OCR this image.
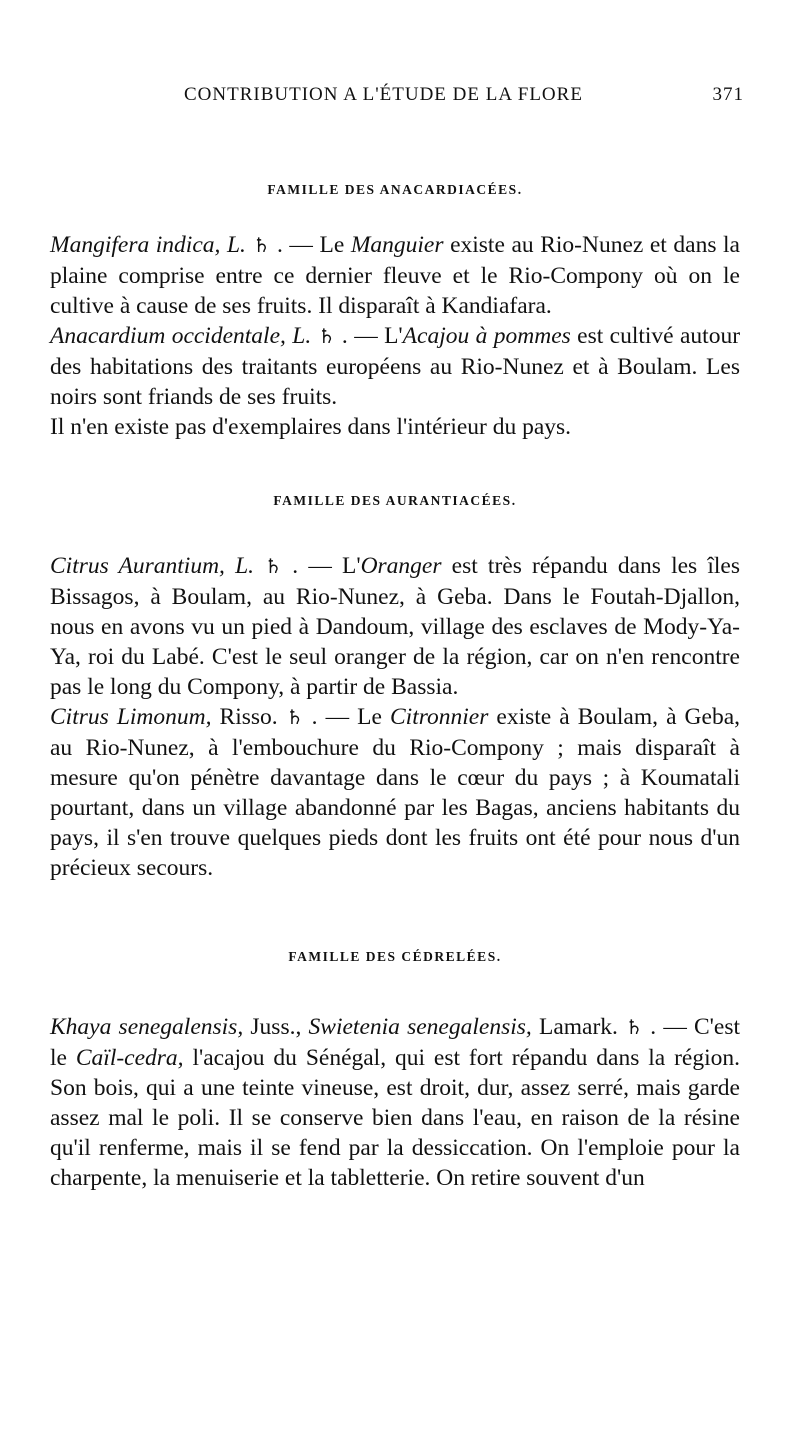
CONTRIBUTION A L'ÉTUDE DE LA FLORE	371
FAMILLE DES ANACARDIACÉES.

Mangifera indica, L. ♄ . — Le Manguier existe au Rio-Nunez et dans la plaine comprise entre ce dernier fleuve et le Rio-Compony où on le cultive à cause de ses fruits. Il disparaît à Kandiafara.

Anacardium occidentale, L. ♄ . — L'Acajou à pommes est cultivé autour des habitations des traitants européens au Rio-Nunez et à Boulam. Les noirs sont friands de ses fruits.

Il n'en existe pas d'exemplaires dans l'intérieur du pays.

FAMILLE DES AURANTIACÉES.

Citrus Aurantium, L. ♄ . — L'Oranger est très répandu dans les îles Bissagos, à Boulam, au Rio-Nunez, à Geba. Dans le Foutah-Djallon, nous en avons vu un pied à Dandoum, village des esclaves de Mody-Ya-Ya, roi du Labé. C'est le seul oranger de la région, car on n'en rencontre pas le long du Compony, à partir de Bassia.

Citrus Limonum, Risso. ♄ . — Le Citronnier existe à Boulam, à Geba, au Rio-Nunez, à l'embouchure du Rio-Compony ; mais disparaît à mesure qu'on pénètre davantage dans le cœur du pays ; à Koumatali pourtant, dans un village abandonné par les Bagas, anciens habitants du pays, il s'en trouve quelques pieds dont les fruits ont été pour nous d'un précieux secours.

FAMILLE DES CÉDRELÉES.

Khaya senegalensis, Juss., Swietenia senegalensis, Lamark. ♄ . — C'est le Caïl-cedra, l'acajou du Sénégal, qui est fort répandu dans la région. Son bois, qui a une teinte vineuse, est droit, dur, assez serré, mais garde assez mal le poli. Il se conserve bien dans l'eau, en raison de la résine qu'il renferme, mais il se fend par la dessiccation. On l'emploie pour la charpente, la menuiserie et la tabletterie. On retire souvent d'un
